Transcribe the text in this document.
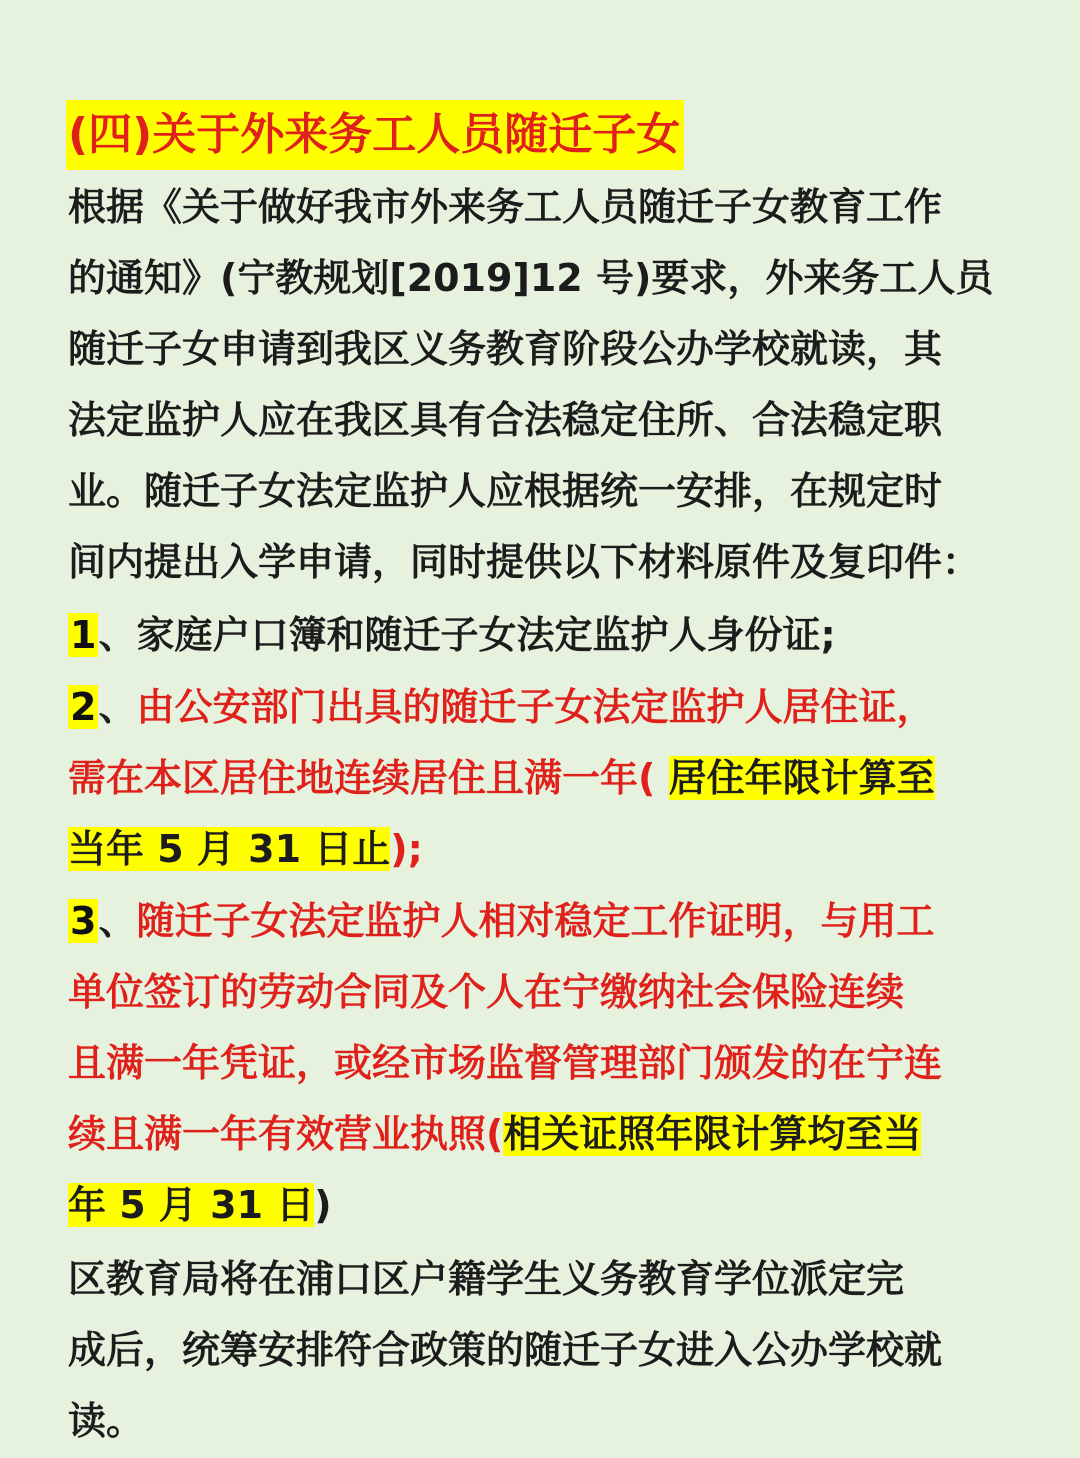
(四)关于外来务工人员随迁子女
根据《关于做好我市外来务工人员随迁子女教育工作
的通知》(宁教规划[2019]12 号)要求，外来务工人员
随迁子女申请到我区义务教育阶段公办学校就读，其
法定监护人应在我区具有合法稳定住所、合法稳定职
业。随迁子女法定监护人应根据统一安排，在规定时
间内提出入学申请，同时提供以下材料原件及复印件：
1、家庭户口簿和随迁子女法定监护人身份证;
2、由公安部门出具的随迁子女法定监护人居住证，
需在本区居住地连续居住且满一年( 居住年限计算至
当年 5 月 31 日止);
3、随迁子女法定监护人相对稳定工作证明，与用工
单位签订的劳动合同及个人在宁缴纳社会保险连续
且满一年凭证，或经市场监督管理部门颁发的在宁连
续且满一年有效营业执照(相关证照年限计算均至当
年 5 月 31 日)
区教育局将在浦口区户籍学生义务教育学位派定完
成后，统筹安排符合政策的随迁子女进入公办学校就
读。
